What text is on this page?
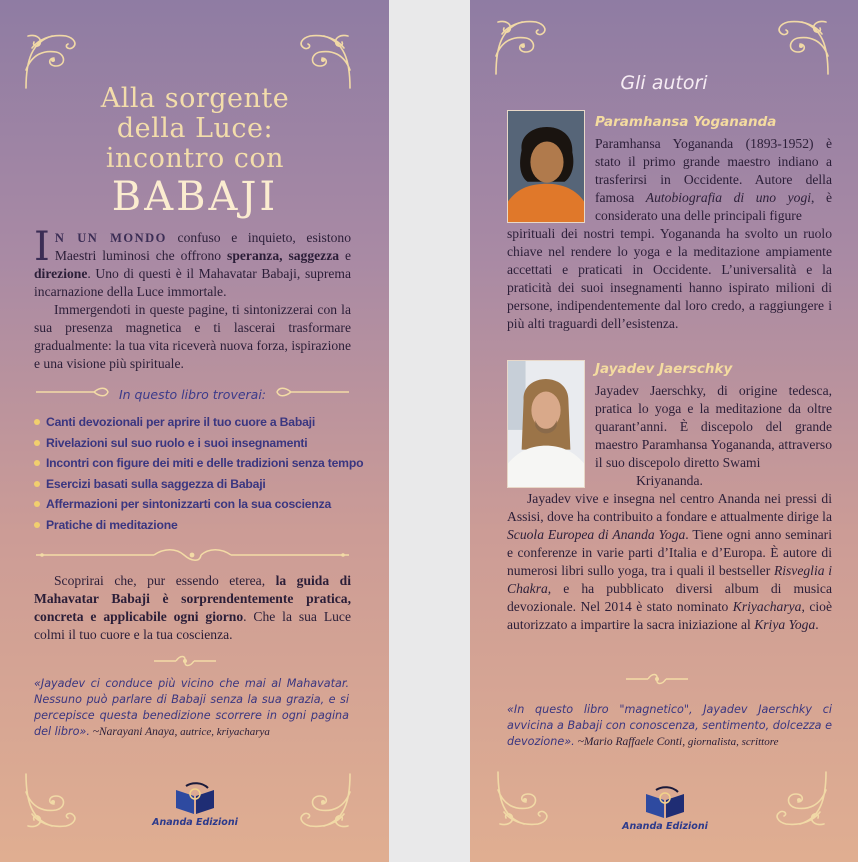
Alla sorgente
della Luce:
incontro con
BABAJI

I N UN MONDO confuso e inquieto, esistono Maestri luminosi che offrono speranza, saggezza e direzione. Uno di questi è il Mahavatar Babaji, suprema incarnazione della Luce immortale.

Immergendoti in queste pagine, ti sintonizzerai con la sua presenza magnetica e ti lascerai trasformare gradualmente: la tua vita riceverà nuova forza, ispirazione e una visione più spirituale.

In questo libro troverai:
Canti devozionali per aprire il tuo cuore a Babaji
Rivelazioni sul suo ruolo e i suoi insegnamenti
Incontri con figure dei miti e delle tradizioni senza tempo
Esercizi basati sulla saggezza di Babaji
Affermazioni per sintonizzarti con la sua coscienza
Pratiche di meditazione

Scoprirai che, pur essendo eterea, la guida di Mahavatar Babaji è sorprendentemente pratica, concreta e applicabile ogni giorno. Che la sua Luce colmi il tuo cuore e la tua coscienza.

«Jayadev ci conduce più vicino che mai al Mahavatar. Nessuno può parlare di Babaji senza la sua grazia, e si percepisce questa benedizione scorrere in ogni pagina del libro». ~Narayani Anaya, autrice, kriyacharya
Ananda Edizioni
Gli autori
Paramhansa Yogananda

Paramhansa Yogananda (1893-1952) è stato il primo grande maestro indiano a trasferirsi in Occidente. Autore della famosa Autobiografia di uno yogi, è considerato una delle principali figure

spirituali dei nostri tempi. Yogananda ha svolto un ruolo chiave nel rendere lo yoga e la meditazione ampiamente accettati e praticati in Occidente. L’universalità e la praticità dei suoi insegnamenti hanno ispirato milioni di persone, indipendentemente dal loro credo, a raggiungere i più alti traguardi dell’esistenza.

Jayadev Jaerschky

Jayadev Jaerschky, di origine tedesca, pratica lo yoga e la meditazione da oltre quarant’anni. È discepolo del grande maestro Paramhansa Yogananda, attraverso il suo discepolo diretto Swami

Kriyananda.

Jayadev vive e insegna nel centro Ananda nei pressi di Assisi, dove ha contribuito a fondare e attualmente dirige la Scuola Europea di Ananda Yoga. Tiene ogni anno seminari e conferenze in varie parti d’Italia e d’Europa. È autore di numerosi libri sullo yoga, tra i quali il bestseller Risveglia i Chakra, e ha pubblicato diversi album di musica devozionale. Nel 2014 è stato nominato Kriyacharya, cioè autorizzato a impartire la sacra iniziazione al Kriya Yoga.

«In questo libro "magnetico", Jayadev Jaerschky ci avvicina a Babaji con conoscenza, sentimento, dolcezza e devozione». ~Mario Raffaele Conti, giornalista, scrittore
Ananda Edizioni
